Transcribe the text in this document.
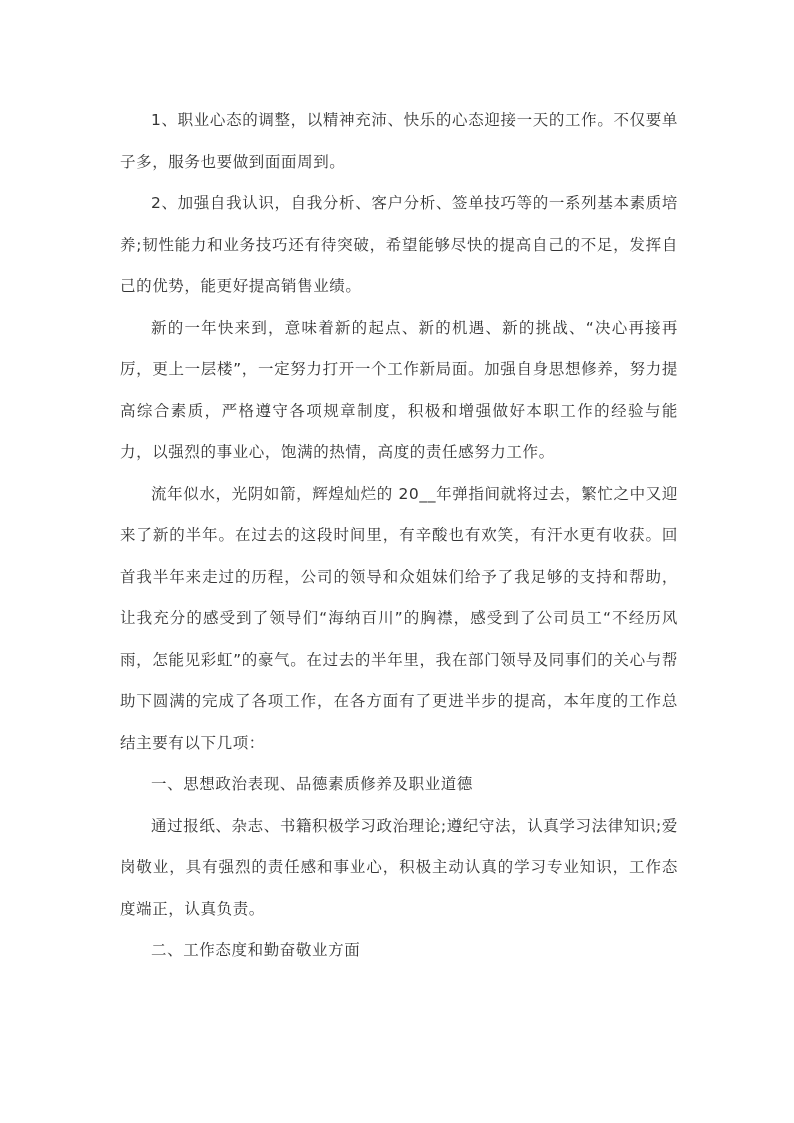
1、职业心态的调整，以精神充沛、快乐的心态迎接一天的工作。不仅要单子多，服务也要做到面面周到。

2、加强自我认识，自我分析、客户分析、签单技巧等的一系列基本素质培养;韧性能力和业务技巧还有待突破，希望能够尽快的提高自己的不足，发挥自己的优势，能更好提高销售业绩。

新的一年快来到，意味着新的起点、新的机遇、新的挑战、“决心再接再厉，更上一层楼”，一定努力打开一个工作新局面。加强自身思想修养，努力提高综合素质，严格遵守各项规章制度，积极和增强做好本职工作的经验与能力，以强烈的事业心，饱满的热情，高度的责任感努力工作。

流年似水，光阴如箭，辉煌灿烂的 20__年弹指间就将过去，繁忙之中又迎来了新的半年。在过去的这段时间里，有辛酸也有欢笑，有汗水更有收获。回首我半年来走过的历程，公司的领导和众姐妹们给予了我足够的支持和帮助，让我充分的感受到了领导们“海纳百川”的胸襟，感受到了公司员工“不经历风雨，怎能见彩虹”的豪气。在过去的半年里，我在部门领导及同事们的关心与帮助下圆满的完成了各项工作，在各方面有了更进半步的提高，本年度的工作总结主要有以下几项：

一、思想政治表现、品德素质修养及职业道德

通过报纸、杂志、书籍积极学习政治理论;遵纪守法，认真学习法律知识;爱岗敬业，具有强烈的责任感和事业心，积极主动认真的学习专业知识，工作态度端正，认真负责。

二、工作态度和勤奋敬业方面
